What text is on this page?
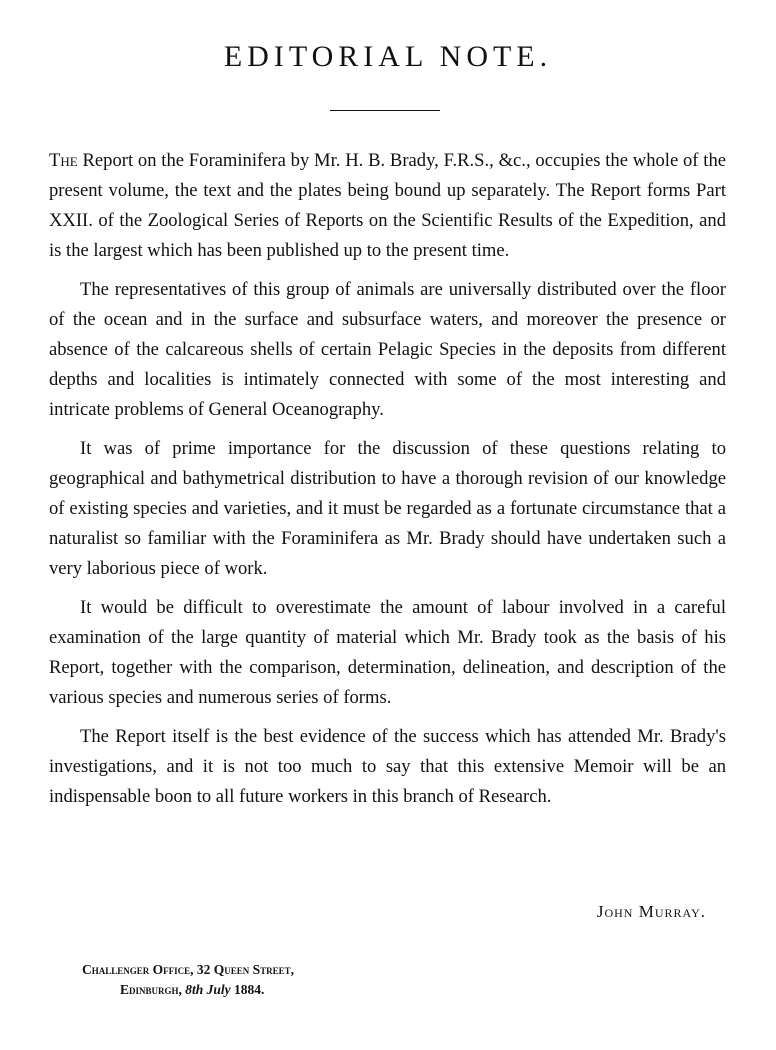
EDITORIAL NOTE.

The Report on the Foraminifera by Mr. H. B. Brady, F.R.S., &c., occupies the whole of the present volume, the text and the plates being bound up separately. The Report forms Part XXII. of the Zoological Series of Reports on the Scientific Results of the Expedition, and is the largest which has been published up to the present time.

The representatives of this group of animals are universally distributed over the floor of the ocean and in the surface and subsurface waters, and moreover the presence or absence of the calcareous shells of certain Pelagic Species in the deposits from different depths and localities is intimately connected with some of the most interesting and intricate problems of General Oceanography.

It was of prime importance for the discussion of these questions relating to geographical and bathymetrical distribution to have a thorough revision of our knowledge of existing species and varieties, and it must be regarded as a fortunate circumstance that a naturalist so familiar with the Foraminifera as Mr. Brady should have undertaken such a very laborious piece of work.

It would be difficult to overestimate the amount of labour involved in a careful examination of the large quantity of material which Mr. Brady took as the basis of his Report, together with the comparison, determination, delineation, and description of the various species and numerous series of forms.

The Report itself is the best evidence of the success which has attended Mr. Brady's investigations, and it is not too much to say that this extensive Memoir will be an indispensable boon to all future workers in this branch of Research.

John Murray.
Challenger Office, 32 Queen Street,
Edinburgh, 8th July 1884.
